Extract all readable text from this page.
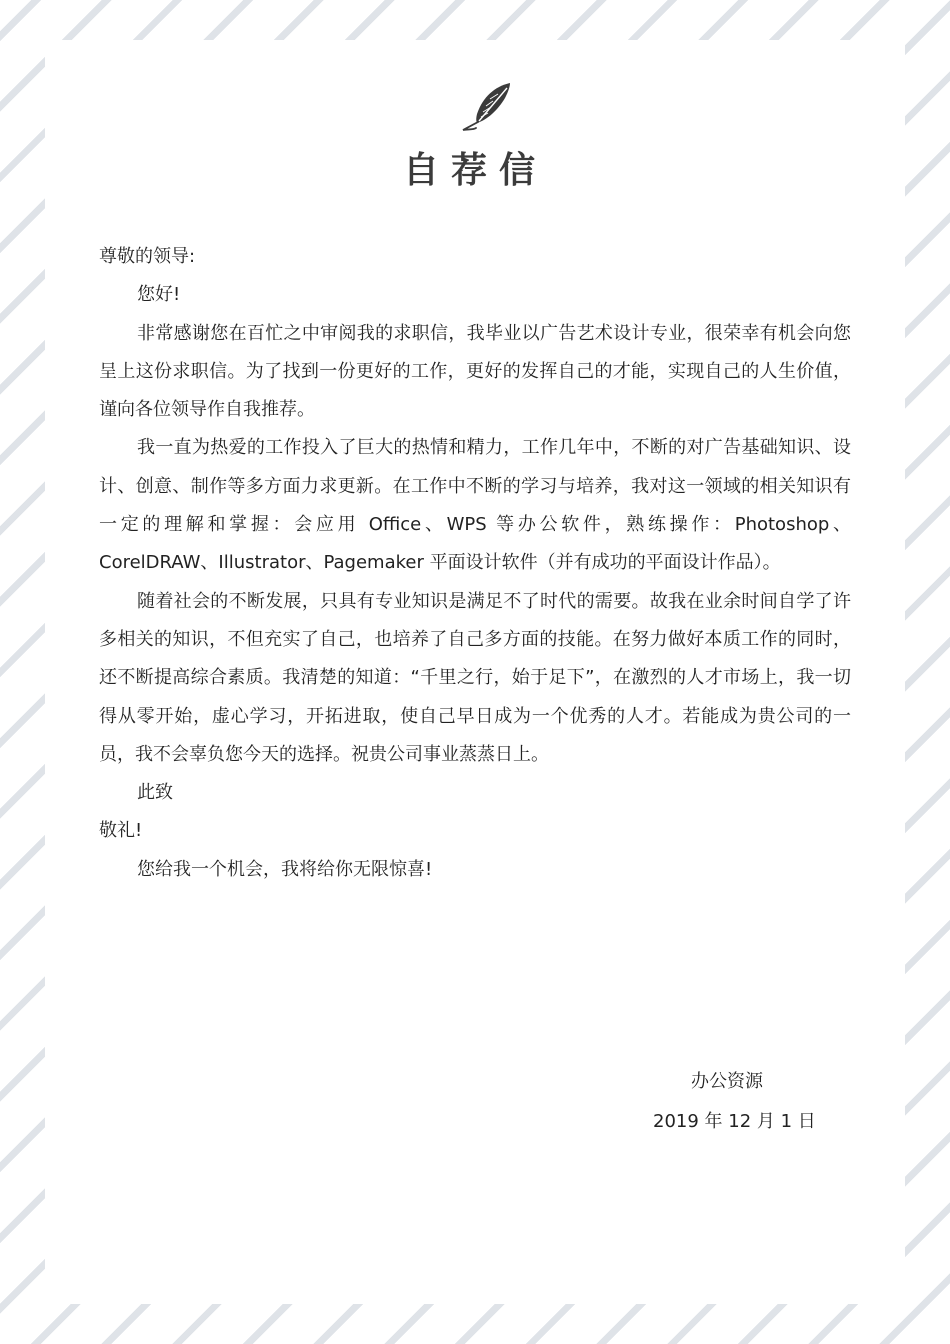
自荐信

尊敬的领导:

您好!

非常感谢您在百忙之中审阅我的求职信，我毕业以广告艺术设计专业，很荣幸有机会向您呈上这份求职信。为了找到一份更好的工作，更好的发挥自己的才能，实现自己的人生价值，谨向各位领导作自我推荐。

我一直为热爱的工作投入了巨大的热情和精力，工作几年中，不断的对广告基础知识、设计、创意、制作等多方面力求更新。在工作中不断的学习与培养，我对这一领域的相关知识有一定的理解和掌握：会应用 Office、WPS 等办公软件，熟练操作：Photoshop、CorelDRAW、Illustrator、Pagemaker 平面设计软件（并有成功的平面设计作品）。

随着社会的不断发展，只具有专业知识是满足不了时代的需要。故我在业余时间自学了许多相关的知识，不但充实了自己，也培养了自己多方面的技能。在努力做好本质工作的同时，还不断提高综合素质。我清楚的知道：“千里之行，始于足下”，在激烈的人才市场上，我一切得从零开始，虚心学习，开拓进取，使自己早日成为一个优秀的人才。若能成为贵公司的一员，我不会辜负您今天的选择。祝贵公司事业蒸蒸日上。

此致

敬礼!

您给我一个机会，我将给你无限惊喜!

办公资源
2019 年 12 月 1 日
